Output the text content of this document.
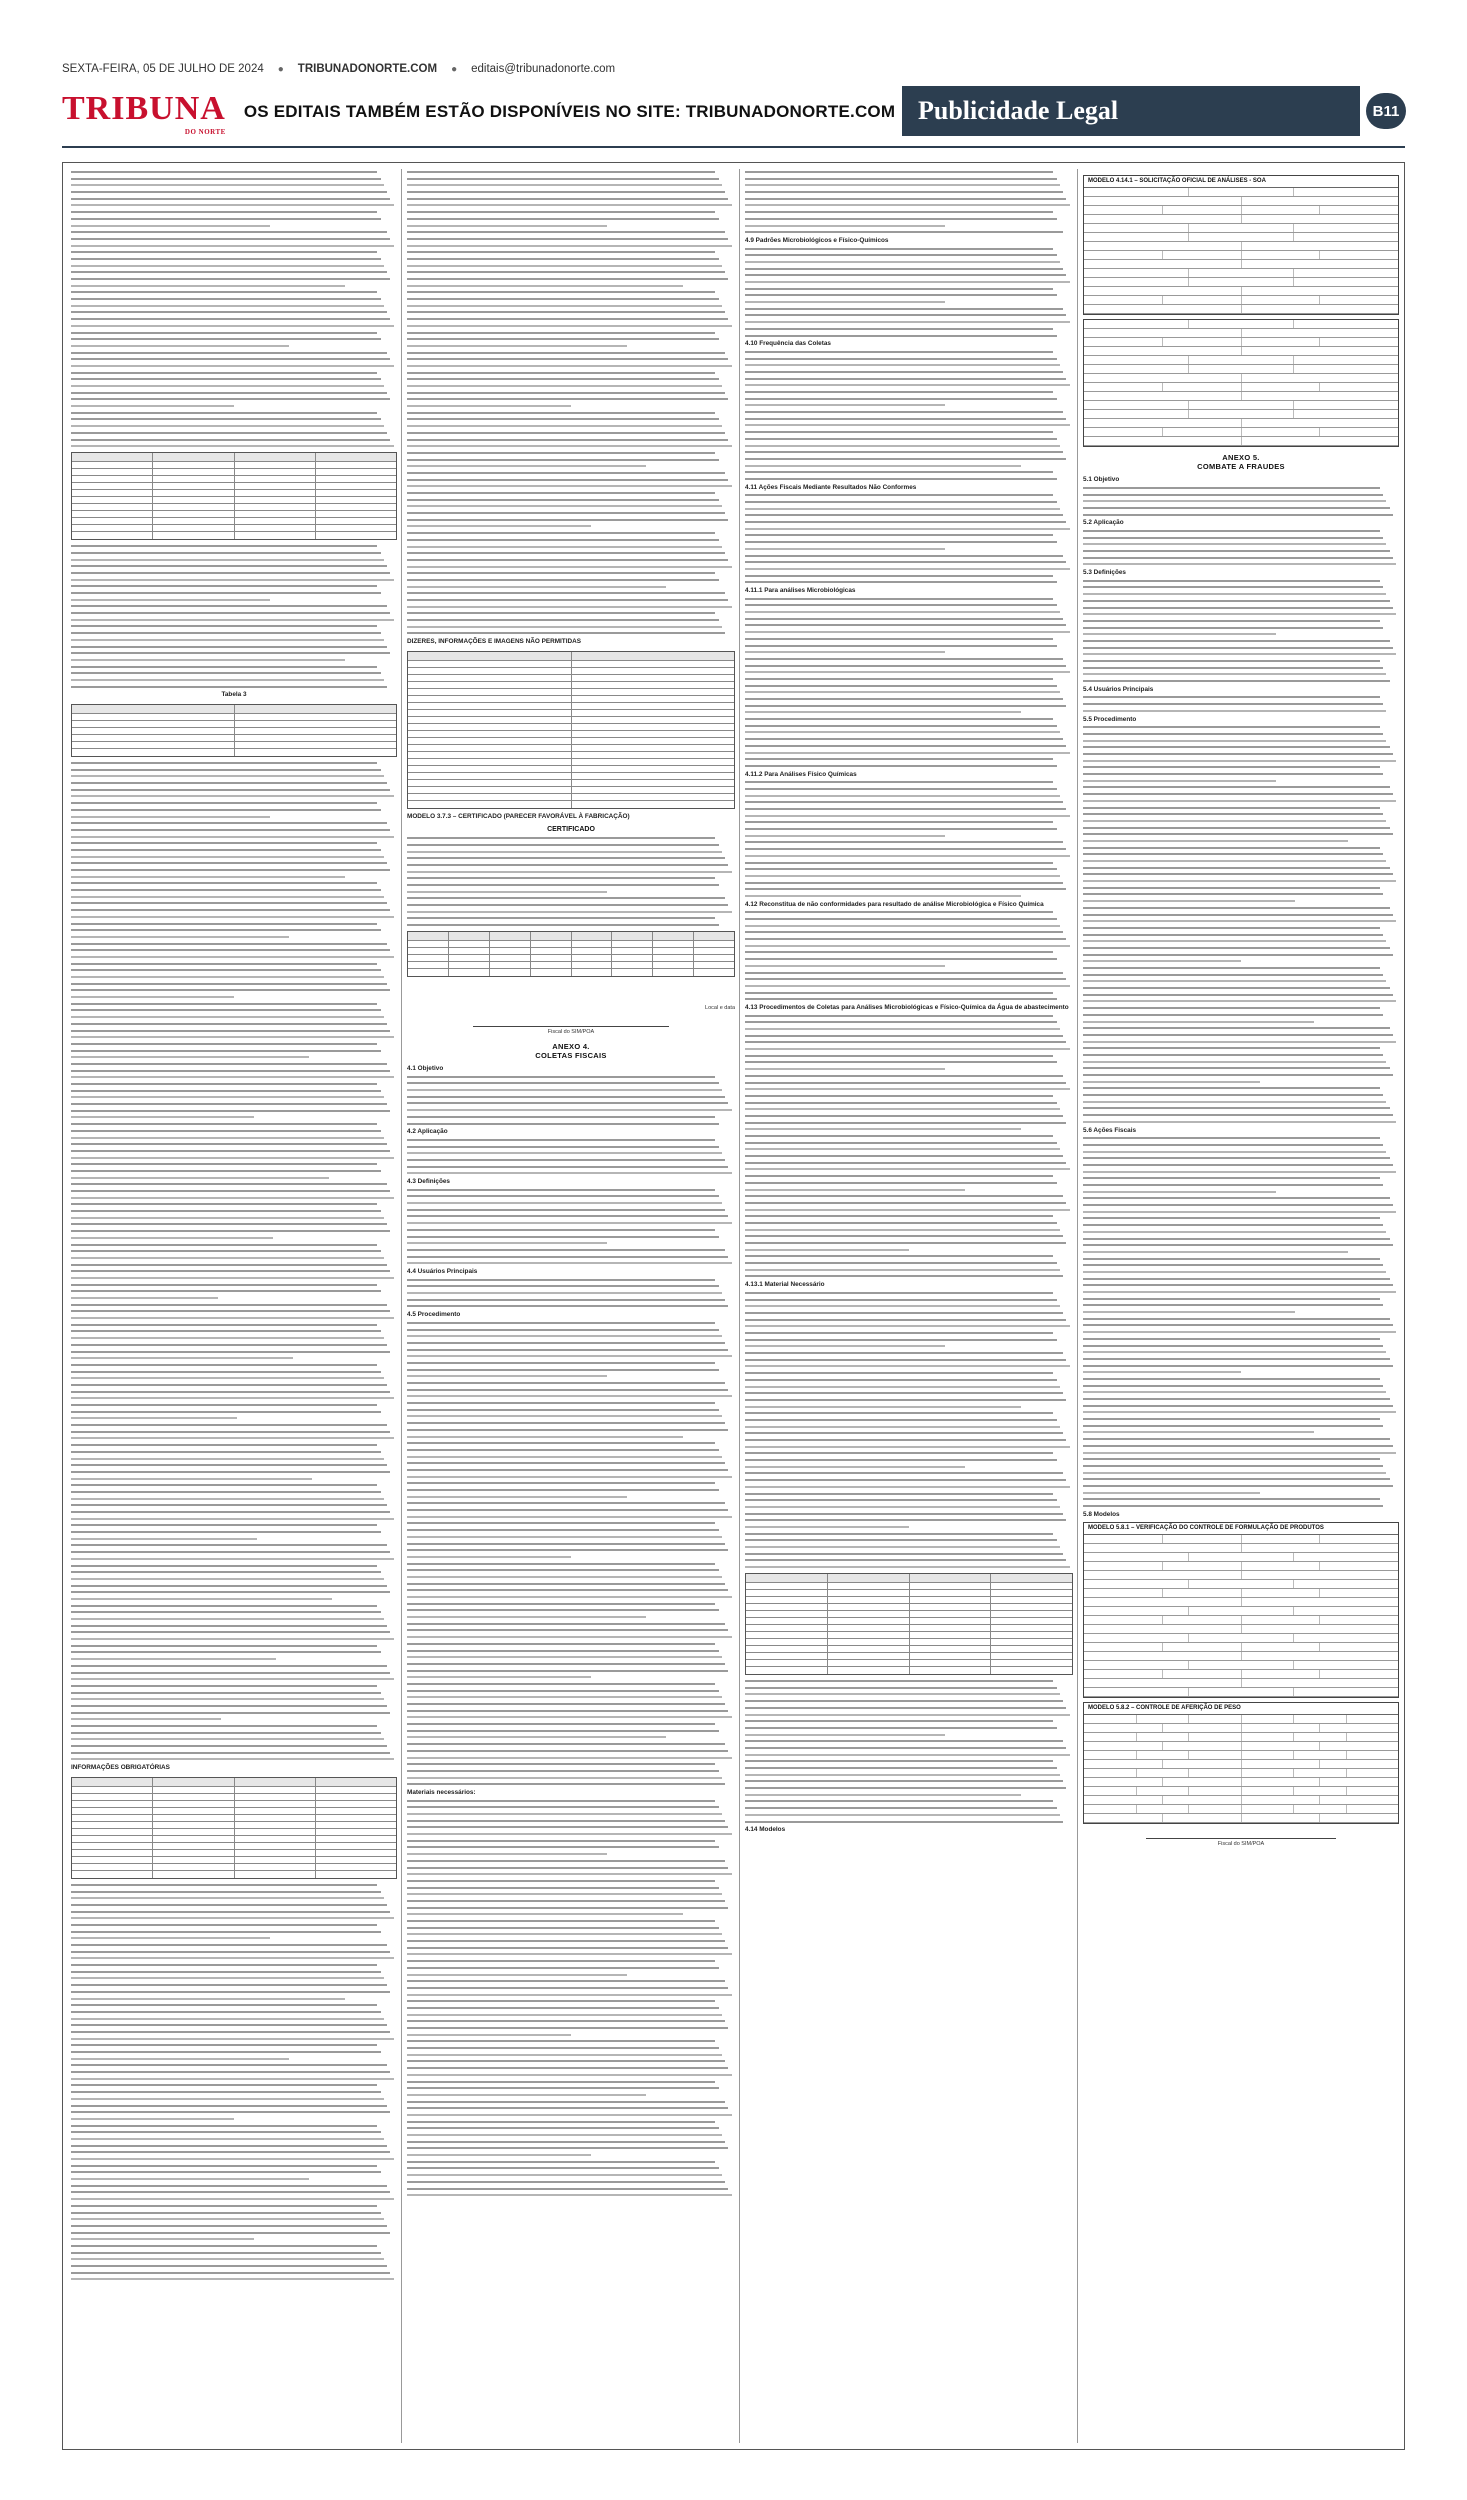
SEXTA-FEIRA, 05 DE JULHO DE 2024 ● TRIBUNADONORTE.COM ● editais@tribunadonorte.com
TRIBUNA
DO NORTE
OS EDITAIS TAMBÉM ESTÃO DISPONÍVEIS NO SITE: TRIBUNADONORTE.COM Publicidade Legal	B11
Tabela 3
INFORMAÇÕES OBRIGATÓRIAS
DIZERES, INFORMAÇÕES E IMAGENS NÃO PERMITIDAS
MODELO 3.7.3 – CERTIFICADO (PARECER FAVORÁVEL À FABRICAÇÃO)
CERTIFICADO
Local e data
Fiscal do SIM/POA
ANEXO 4.
COLETAS FISCAIS
4.1 Objetivo
4.2 Aplicação
4.3 Definições
4.4 Usuários Principais
4.5 Procedimento
Materiais necessários:
4.9 Padrões Microbiológicos e Físico-Químicos
4.10 Frequência das Coletas
4.11 Ações Fiscais Mediante Resultados Não Conformes
4.11.1 Para análises Microbiológicas
4.11.2 Para Análises Físico Químicas
4.12 Reconstitua de não conformidades para resultado de análise Microbiológica e Físico Química
4.13 Procedimentos de Coletas para Análises Microbiológicas e Físico-Química da Água de abastecimento
4.13.1 Material Necessário
4.14 Modelos
MODELO 4.14.1 – SOLICITAÇÃO OFICIAL DE ANÁLISES - SOA
ANEXO 5.
COMBATE A FRAUDES
5.1 Objetivo
5.2 Aplicação
5.3 Definições
5.4 Usuários Principais
5.5 Procedimento
5.6 Ações Fiscais
5.8 Modelos
MODELO 5.8.1 – VERIFICAÇÃO DO CONTROLE DE FORMULAÇÃO DE PRODUTOS
MODELO 5.8.2 – CONTROLE DE AFERIÇÃO DE PESO
Fiscal do SIM/POA
